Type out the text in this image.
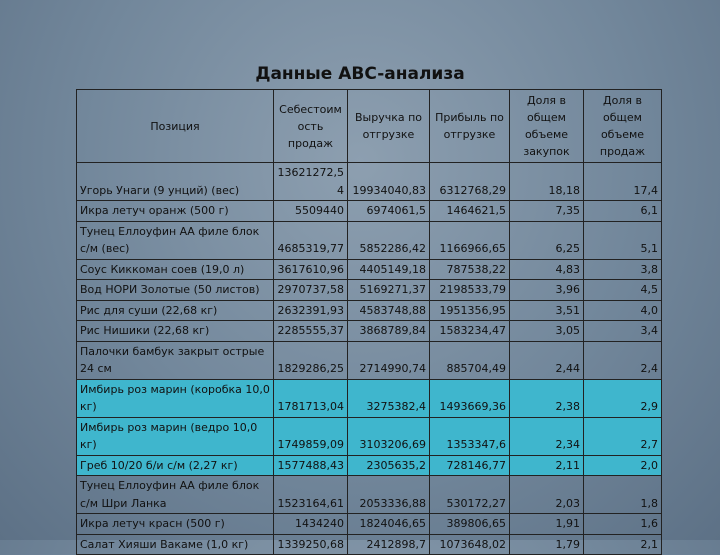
Данные ABC-анализа
Позиция	Себестоим ость продаж	Выручка по отгрузке	Прибыль по отгрузке	Доля в общем объеме закупок	Доля в общем объеме продаж
Угорь Унаги (9 унций) (вес)	13621272,54	19934040,83	6312768,29	18,18	17,4
Икра летуч оранж (500 г)	5509440	6974061,5	1464621,5	7,35	6,1
Тунец Еллоуфин АА филе блок с/м (вес)	4685319,77	5852286,42	1166966,65	6,25	5,1
Соус Киккоман соев (19,0 л)	3617610,96	4405149,18	787538,22	4,83	3,8
Вод НОРИ Золотые (50 листов)	2970737,58	5169271,37	2198533,79	3,96	4,5
Рис для суши (22,68 кг)	2632391,93	4583748,88	1951356,95	3,51	4,0
Рис Нишики (22,68 кг)	2285555,37	3868789,84	1583234,47	3,05	3,4
Палочки бамбук закрыт острые 24 см	1829286,25	2714990,74	885704,49	2,44	2,4
Имбирь роз марин (коробка 10,0 кг)	1781713,04	3275382,4	1493669,36	2,38	2,9
Имбирь роз марин (ведро 10,0 кг)	1749859,09	3103206,69	1353347,6	2,34	2,7
Греб 10/20 б/и с/м (2,27 кг)	1577488,43	2305635,2	728146,77	2,11	2,0
Тунец Еллоуфин АА филе блок с/м Шри Ланка	1523164,61	2053336,88	530172,27	2,03	1,8
Икра летуч красн (500 г)	1434240	1824046,65	389806,65	1,91	1,6
Салат Хияши Вакаме (1,0 кг)	1339250,68	2412898,7	1073648,02	1,79	2,1
